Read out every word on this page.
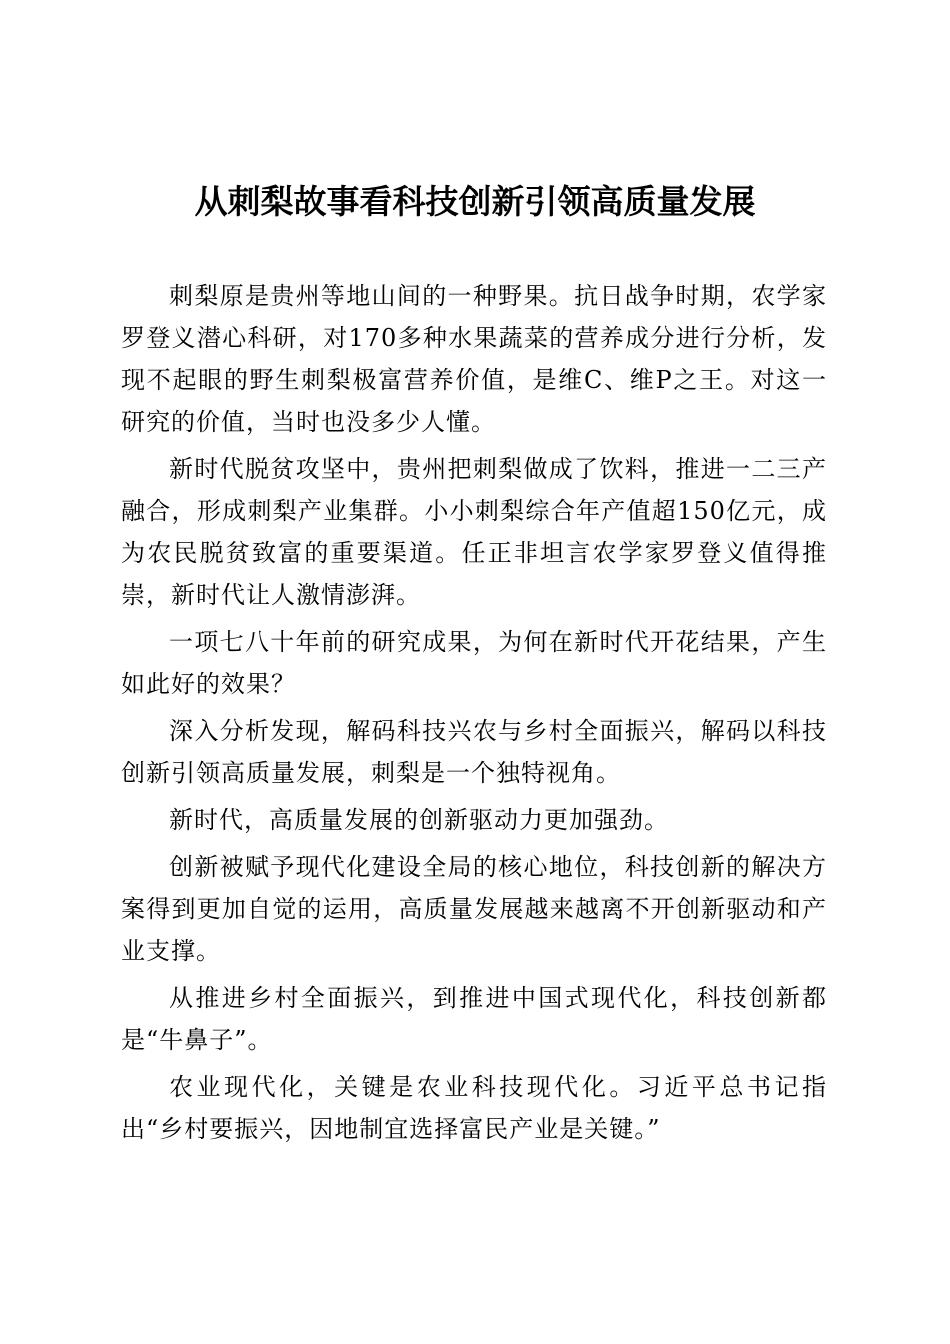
从刺梨故事看科技创新引领高质量发展

刺梨原是贵州等地山间的一种野果。抗日战争时期，农学家罗登义潜心科研，对170多种水果蔬菜的营养成分进行分析，发现不起眼的野生刺梨极富营养价值，是维C、维P之王。对这一研究的价值，当时也没多少人懂。

新时代脱贫攻坚中，贵州把刺梨做成了饮料，推进一二三产融合，形成刺梨产业集群。小小刺梨综合年产值超150亿元，成为农民脱贫致富的重要渠道。任正非坦言农学家罗登义值得推崇，新时代让人激情澎湃。

一项七八十年前的研究成果，为何在新时代开花结果，产生如此好的效果？

深入分析发现，解码科技兴农与乡村全面振兴，解码以科技创新引领高质量发展，刺梨是一个独特视角。

新时代，高质量发展的创新驱动力更加强劲。

创新被赋予现代化建设全局的核心地位，科技创新的解决方案得到更加自觉的运用，高质量发展越来越离不开创新驱动和产业支撑。

从推进乡村全面振兴，到推进中国式现代化，科技创新都是“牛鼻子”。

农业现代化，关键是农业科技现代化。习近平总书记指出“乡村要振兴，因地制宜选择富民产业是关键。”
